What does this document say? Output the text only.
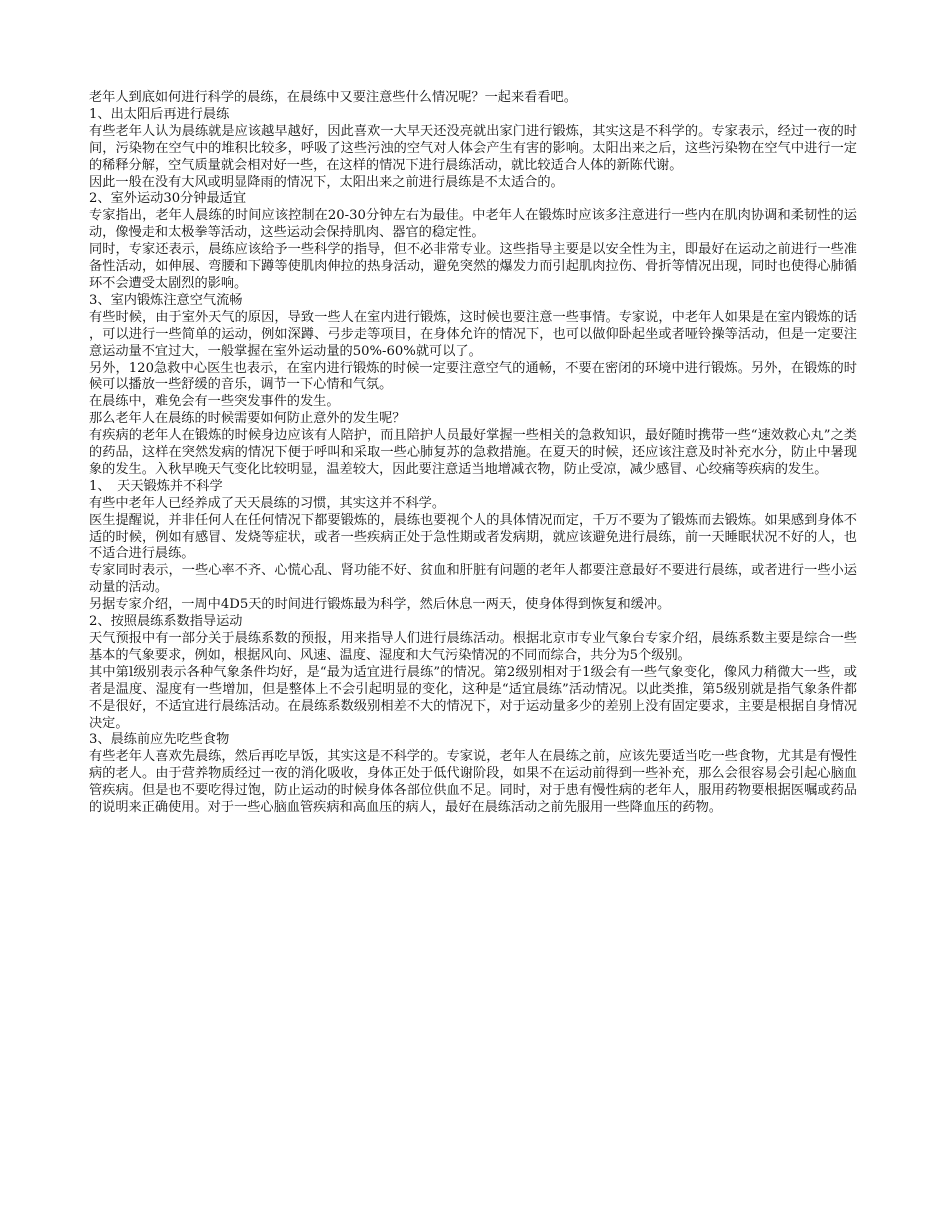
老年人到底如何进行科学的晨练，在晨练中又要注意些什么情况呢？一起来看看吧。

1、出太阳后再进行晨练

有些老年人认为晨练就是应该越早越好，因此喜欢一大早天还没亮就出家门进行锻炼，其实这是不科学的。专家表示，经过一夜的时间，污染物在空气中的堆积比较多，呼吸了这些污浊的空气对人体会产生有害的影响。太阳出来之后，这些污染物在空气中进行一定的稀释分解，空气质量就会相对好一些，在这样的情况下进行晨练活动，就比较适合人体的新陈代谢。

因此一般在没有大风或明显降雨的情况下，太阳出来之前进行晨练是不太适合的。

2、室外运动30分钟最适宜

专家指出，老年人晨练的时间应该控制在20-30分钟左右为最佳。中老年人在锻炼时应该多注意进行一些内在肌肉协调和柔韧性的运动，像慢走和太极拳等活动，这些运动会保持肌肉、器官的稳定性。

同时，专家还表示，晨练应该给予一些科学的指导，但不必非常专业。这些指导主要是以安全性为主，即最好在运动之前进行一些准备性活动，如伸展、弯腰和下蹲等使肌肉伸拉的热身活动，避免突然的爆发力而引起肌肉拉伤、骨折等情况出现，同时也使得心肺循环不会遭受太剧烈的影响。

3、室内锻炼注意空气流畅

有些时候，由于室外天气的原因，导致一些人在室内进行锻炼，这时候也要注意一些事情。专家说，中老年人如果是在室内锻炼的话，可以进行一些简单的运动，例如深蹲、弓步走等项目，在身体允许的情况下，也可以做仰卧起坐或者哑铃操等活动，但是一定要注意运动量不宜过大，一般掌握在室外运动量的50%-60%就可以了。

另外，120急救中心医生也表示，在室内进行锻炼的时候一定要注意空气的通畅，不要在密闭的环境中进行锻炼。另外，在锻炼的时候可以播放一些舒缓的音乐，调节一下心情和气氛。

在晨练中，难免会有一些突发事件的发生。

那么老年人在晨练的时候需要如何防止意外的发生呢？

有疾病的老年人在锻炼的时候身边应该有人陪护，而且陪护人员最好掌握一些相关的急救知识，最好随时携带一些“速效救心丸”之类的药品，这样在突然发病的情况下便于呼叫和采取一些心肺复苏的急救措施。在夏天的时候，还应该注意及时补充水分，防止中暑现象的发生。入秋早晚天气变化比较明显，温差较大，因此要注意适当地增减衣物，防止受凉，减少感冒、心绞痛等疾病的发生。

1、　天天锻炼并不科学

有些中老年人已经养成了天天晨练的习惯，其实这并不科学。

医生提醒说，并非任何人在任何情况下都要锻炼的，晨练也要视个人的具体情况而定，千万不要为了锻炼而去锻炼。如果感到身体不适的时候，例如有感冒、发烧等症状，或者一些疾病正处于急性期或者发病期，就应该避免进行晨练，前一天睡眠状况不好的人，也不适合进行晨练。

专家同时表示，一些心率不齐、心慌心乱、肾功能不好、贫血和肝脏有问题的老年人都要注意最好不要进行晨练，或者进行一些小运动量的活动。

另据专家介绍，一周中4D5天的时间进行锻炼最为科学，然后休息一两天，使身体得到恢复和缓冲。

2、按照晨练系数指导运动

天气预报中有一部分关于晨练系数的预报，用来指导人们进行晨练活动。根据北京市专业气象台专家介绍，晨练系数主要是综合一些基本的气象要求，例如，根据风向、风速、温度、湿度和大气污染情况的不同而综合，共分为5个级别。

其中第l级别表示各种气象条件均好，是“最为适宜进行晨练”的情况。第2级别相对于1级会有一些气象变化，像风力稍微大一些，或者是温度、湿度有一些增加，但是整体上不会引起明显的变化，这种是“适宜晨练”活动情况。以此类推，第5级别就是指气象条件都不是很好，不适宜进行晨练活动。在晨练系数级别相差不大的情况下，对于运动量多少的差别上没有固定要求，主要是根据自身情况决定。

3、晨练前应先吃些食物

有些老年人喜欢先晨练，然后再吃早饭，其实这是不科学的。专家说，老年人在晨练之前，应该先要适当吃一些食物，尤其是有慢性病的老人。由于营养物质经过一夜的消化吸收，身体正处于低代谢阶段，如果不在运动前得到一些补充，那么会很容易会引起心脑血管疾病。但是也不要吃得过饱，防止运动的时候身体各部位供血不足。同时，对于患有慢性病的老年人，服用药物要根据医嘱或药品的说明来正确使用。对于一些心脑血管疾病和高血压的病人，最好在晨练活动之前先服用一些降血压的药物。
